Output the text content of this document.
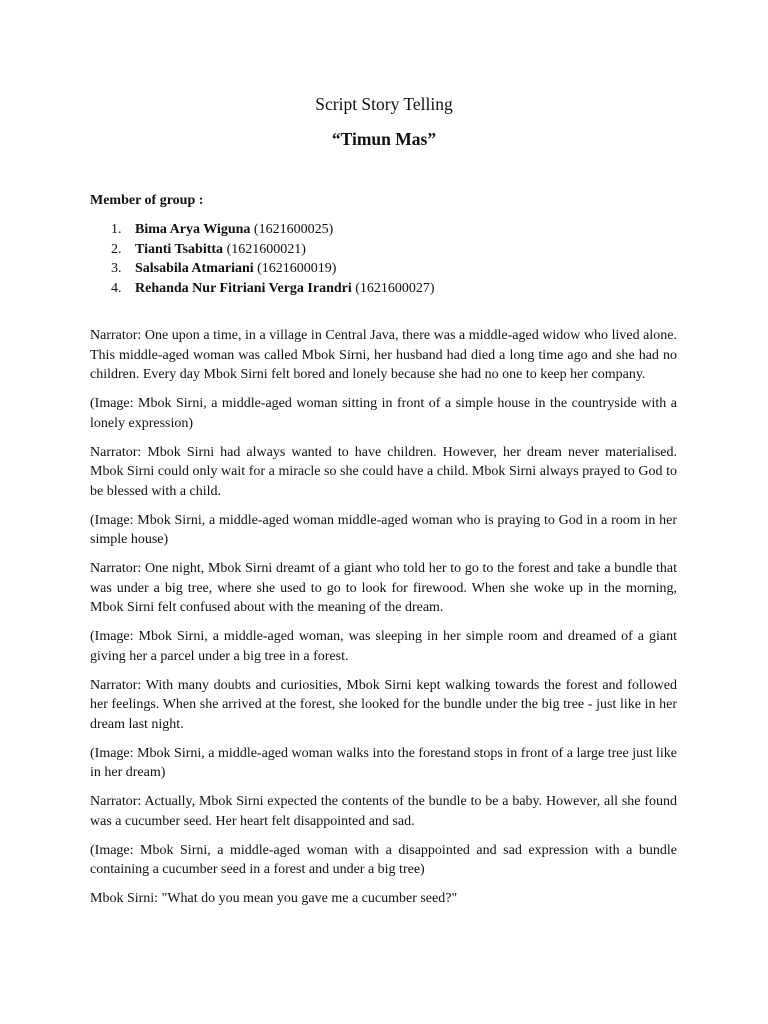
Script Story Telling
“Timun Mas”
Member of group :
1. Bima Arya Wiguna (1621600025)
2. Tianti Tsabitta (1621600021)
3. Salsabila Atmariani (1621600019)
4. Rehanda Nur Fitriani Verga Irandri (1621600027)

Narrator: One upon a time, in a village in Central Java, there was a middle-aged widow who lived alone. This middle-aged woman was called Mbok Sirni, her husband had died a long time ago and she had no children. Every day Mbok Sirni felt bored and lonely because she had no one to keep her company.

(Image: Mbok Sirni, a middle-aged woman sitting in front of a simple house in the countryside with a lonely expression)

Narrator: Mbok Sirni had always wanted to have children. However, her dream never materialised. Mbok Sirni could only wait for a miracle so she could have a child. Mbok Sirni always prayed to God to be blessed with a child.

(Image: Mbok Sirni, a middle-aged woman middle-aged woman who is praying to God in a room in her simple house)

Narrator: One night, Mbok Sirni dreamt of a giant who told her to go to the forest and take a bundle that was under a big tree, where she used to go to look for firewood. When she woke up in the morning, Mbok Sirni felt confused about with the meaning of the dream.

(Image: Mbok Sirni, a middle-aged woman, was sleeping in her simple room and dreamed of a giant giving her a parcel under a big tree in a forest.

Narrator: With many doubts and curiosities, Mbok Sirni kept walking towards the forest and followed her feelings. When she arrived at the forest, she looked for the bundle under the big tree - just like in her dream last night.

(Image: Mbok Sirni, a middle-aged woman walks into the forestand stops in front of a large tree just like in her dream)

Narrator: Actually, Mbok Sirni expected the contents of the bundle to be a baby. However, all she found was a cucumber seed. Her heart felt disappointed and sad.

(Image: Mbok Sirni, a middle-aged woman with a disappointed and sad expression with a bundle containing a cucumber seed in a forest and under a big tree)

Mbok Sirni: "What do you mean you gave me a cucumber seed?"
